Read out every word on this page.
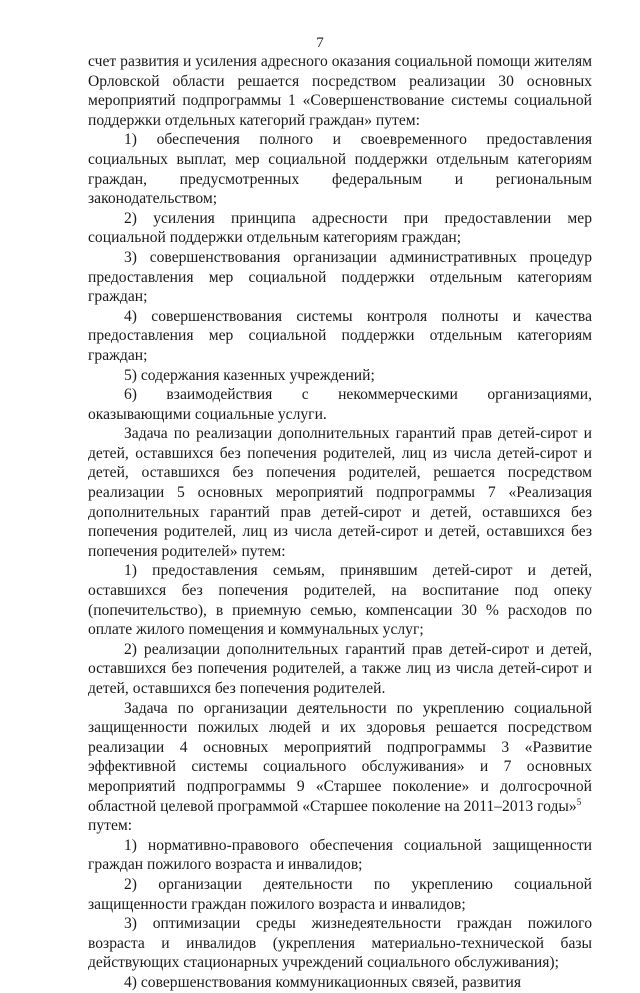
7

счет развития и усиления адресного оказания социальной помощи жителям Орловской области решается посредством реализации 30 основных мероприятий подпрограммы 1 «Совершенствование системы социальной поддержки отдельных категорий граждан» путем:

1) обеспечения полного и своевременного предоставления социальных выплат, мер социальной поддержки отдельным категориям граждан, предусмотренных федеральным и региональным законодательством;

2) усиления принципа адресности при предоставлении мер социальной поддержки отдельным категориям граждан;

3) совершенствования организации административных процедур предоставления мер социальной поддержки отдельным категориям граждан;

4) совершенствования системы контроля полноты и качества предоставления мер социальной поддержки отдельным категориям граждан;

5) содержания казенных учреждений;

6) взаимодействия с некоммерческими организациями, оказывающими социальные услуги.

Задача по реализации дополнительных гарантий прав детей-сирот и детей, оставшихся без попечения родителей, лиц из числа детей-сирот и детей, оставшихся без попечения родителей, решается посредством реализации 5 основных мероприятий подпрограммы 7 «Реализация дополнительных гарантий прав детей-сирот и детей, оставшихся без попечения родителей, лиц из числа детей-сирот и детей, оставшихся без попечения родителей» путем:

1) предоставления семьям, принявшим детей-сирот и детей, оставшихся без попечения родителей, на воспитание под опеку (попечительство), в приемную семью, компенсации 30 % расходов по оплате жилого помещения и коммунальных услуг;

2) реализации дополнительных гарантий прав детей-сирот и детей, оставшихся без попечения родителей, а также лиц из числа детей-сирот и детей, оставшихся без попечения родителей.

Задача по организации деятельности по укреплению социальной защищенности пожилых людей и их здоровья решается посредством реализации 4 основных мероприятий подпрограммы 3 «Развитие эффективной системы социального обслуживания» и 7 основных мероприятий подпрограммы 9 «Старшее поколение» и долгосрочной областной целевой программой «Старшее поколение на 2011–2013 годы»$^5$

путем:

1) нормативно-правового обеспечения социальной защищенности граждан пожилого возраста и инвалидов;

2) организации деятельности по укреплению социальной защищенности граждан пожилого возраста и инвалидов;

3) оптимизации среды жизнедеятельности граждан пожилого возраста и инвалидов (укрепления материально-технической базы действующих стационарных учреждений социального обслуживания);

4) совершенствования коммуникационных связей, развития
